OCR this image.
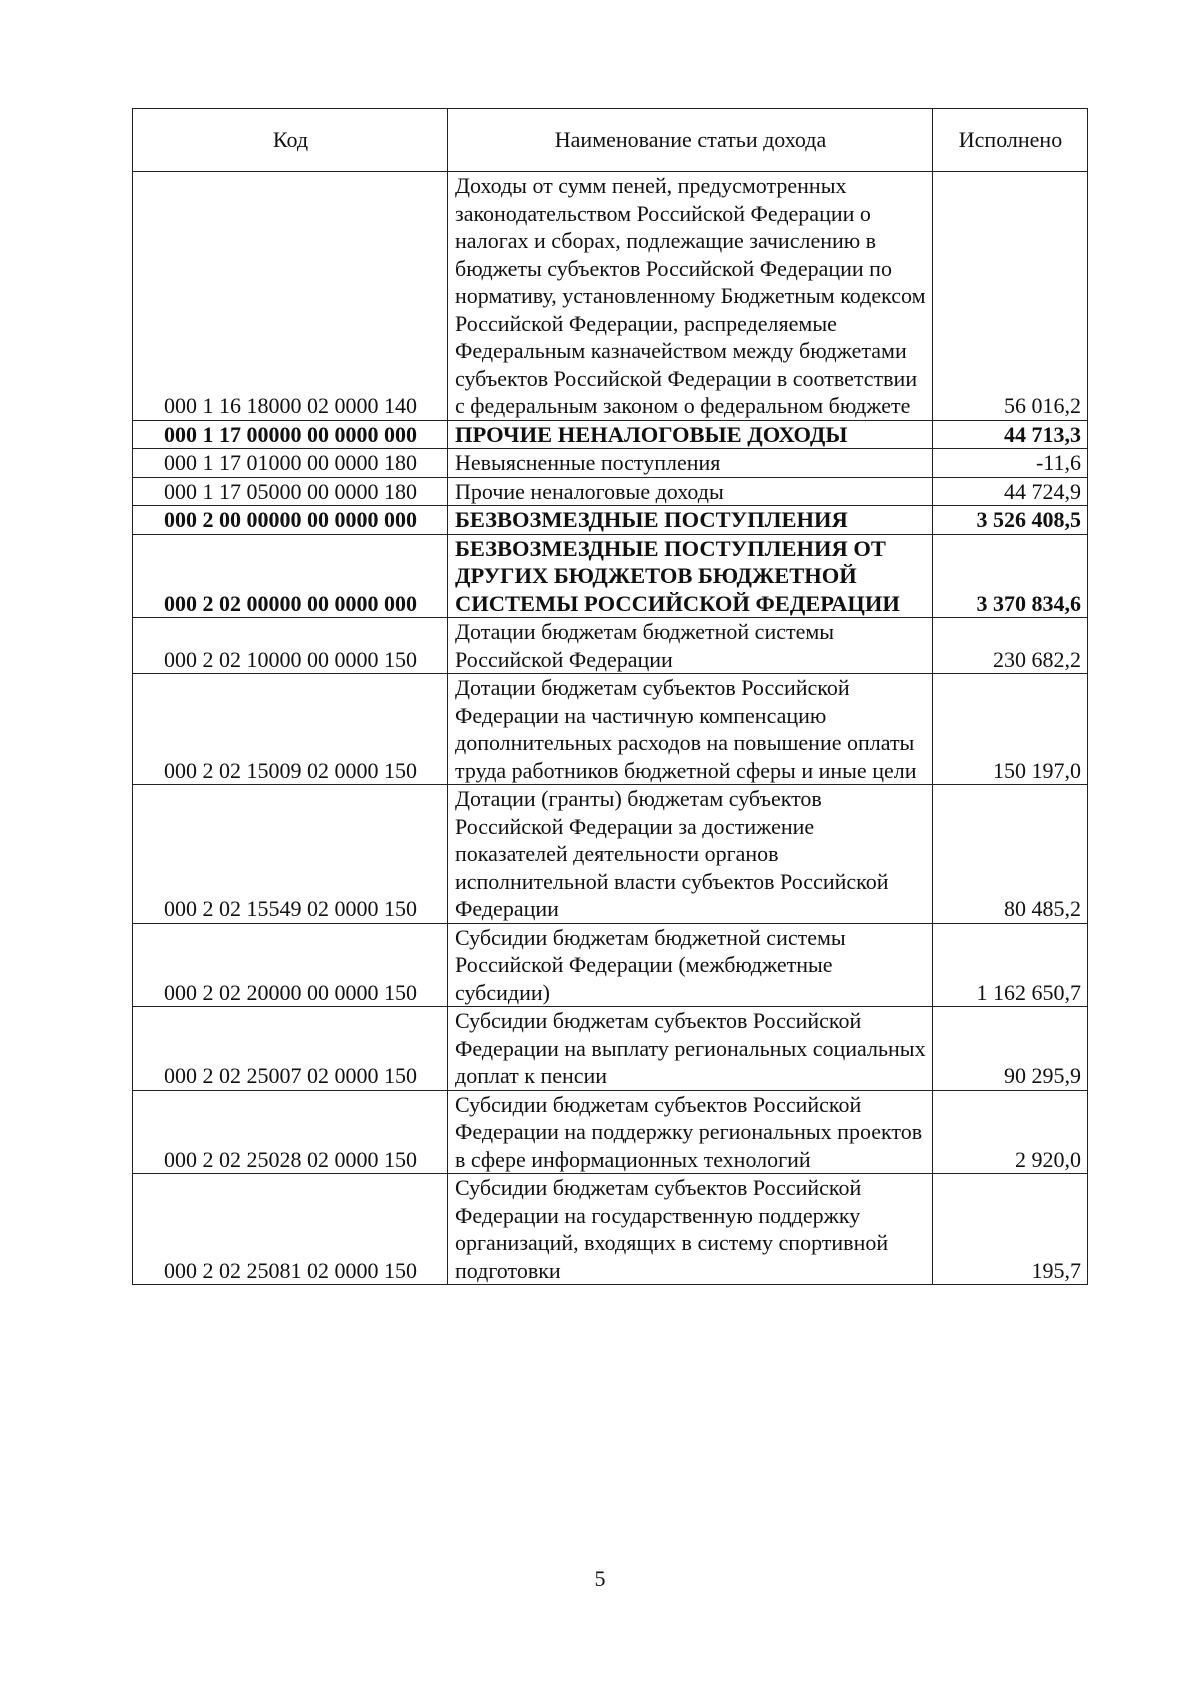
Код	Наименование статьи дохода	Исполнено
000 1 16 18000 02 0000 140	Доходы от сумм пеней, предусмотренных законодательством Российской Федерации о налогах и сборах, подлежащие зачислению в бюджеты субъектов Российской Федерации по нормативу, установленному Бюджетным кодексом Российской Федерации, распределяемые Федеральным казначейством между бюджетами субъектов Российской Федерации в соответствии с федеральным законом о федеральном бюджете	56 016,2
000 1 17 00000 00 0000 000	ПРОЧИЕ НЕНАЛОГОВЫЕ ДОХОДЫ	44 713,3
000 1 17 01000 00 0000 180	Невыясненные поступления	-11,6
000 1 17 05000 00 0000 180	Прочие неналоговые доходы	44 724,9
000 2 00 00000 00 0000 000	БЕЗВОЗМЕЗДНЫЕ ПОСТУПЛЕНИЯ	3 526 408,5
000 2 02 00000 00 0000 000	БЕЗВОЗМЕЗДНЫЕ ПОСТУПЛЕНИЯ ОТ ДРУГИХ БЮДЖЕТОВ БЮДЖЕТНОЙ СИСТЕМЫ РОССИЙСКОЙ ФЕДЕРАЦИИ	3 370 834,6
000 2 02 10000 00 0000 150	Дотации бюджетам бюджетной системы Российской Федерации	230 682,2
000 2 02 15009 02 0000 150	Дотации бюджетам субъектов Российской Федерации на частичную компенсацию дополнительных расходов на повышение оплаты труда работников бюджетной сферы и иные цели	150 197,0
000 2 02 15549 02 0000 150	Дотации (гранты) бюджетам субъектов Российской Федерации за достижение показателей деятельности органов исполнительной власти субъектов Российской Федерации	80 485,2
000 2 02 20000 00 0000 150	Субсидии бюджетам бюджетной системы Российской Федерации (межбюджетные субсидии)	1 162 650,7
000 2 02 25007 02 0000 150	Субсидии бюджетам субъектов Российской Федерации на выплату региональных социальных доплат к пенсии	90 295,9
000 2 02 25028 02 0000 150	Субсидии бюджетам субъектов Российской Федерации на поддержку региональных проектов в сфере информационных технологий	2 920,0
000 2 02 25081 02 0000 150	Субсидии бюджетам субъектов Российской Федерации на государственную поддержку организаций, входящих в систему спортивной подготовки	195,7
5
